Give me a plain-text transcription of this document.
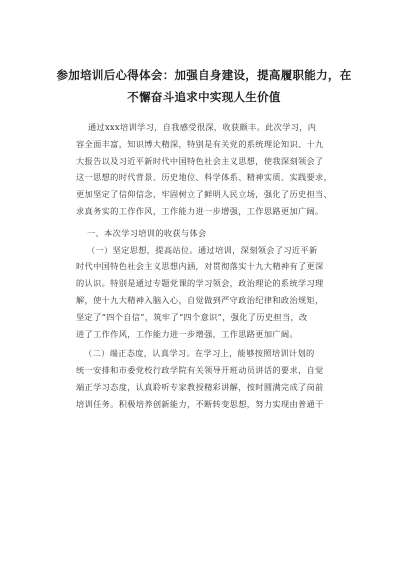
参加培训后心得体会：加强自身建设，提高履职能力，在
不懈奋斗追求中实现人生价值
通过xxx培训学习，自我感受很深，收获颇丰。此次学习，内
容全面丰富，知识博大精深，特别是有关党的系统理论知识、十九
大报告以及习近平新时代中国特色社会主义思想，使我深刻领会了
这一思想的时代背景、历史地位、科学体系、精神实质、实践要求，
更加坚定了信仰信念，牢固树立了鲜明人民立场，强化了历史担当、
求真务实的工作作风，工作能力进一步增强，工作思路更加广阔。
一、本次学习培训的收获与体会
（一）坚定思想，提高站位。通过培训，深刻领会了习近平新
时代中国特色社会主义思想内涵，对贯彻落实十九大精神有了更深
的认识。特别是通过专题党课的学习领会，政治理论的系统学习理
解，使十九大精神入脑入心，自觉做到严守政治纪律和政治规矩，
坚定了“四个自信”，筑牢了“四个意识”，强化了历史担当，改
进了工作作风，工作能力进一步增强，工作思路更加广阔。
（二）端正态度，认真学习。在学习上，能够按照培训计划的
统一安排和市委党校行政学院有关领导开班动员讲话的要求，自觉
端正学习态度，认真聆听专家教授精彩讲解，按时圆满完成了岗前
培训任务。积极培养创新能力，不断转变思想，努力实现由普通干
